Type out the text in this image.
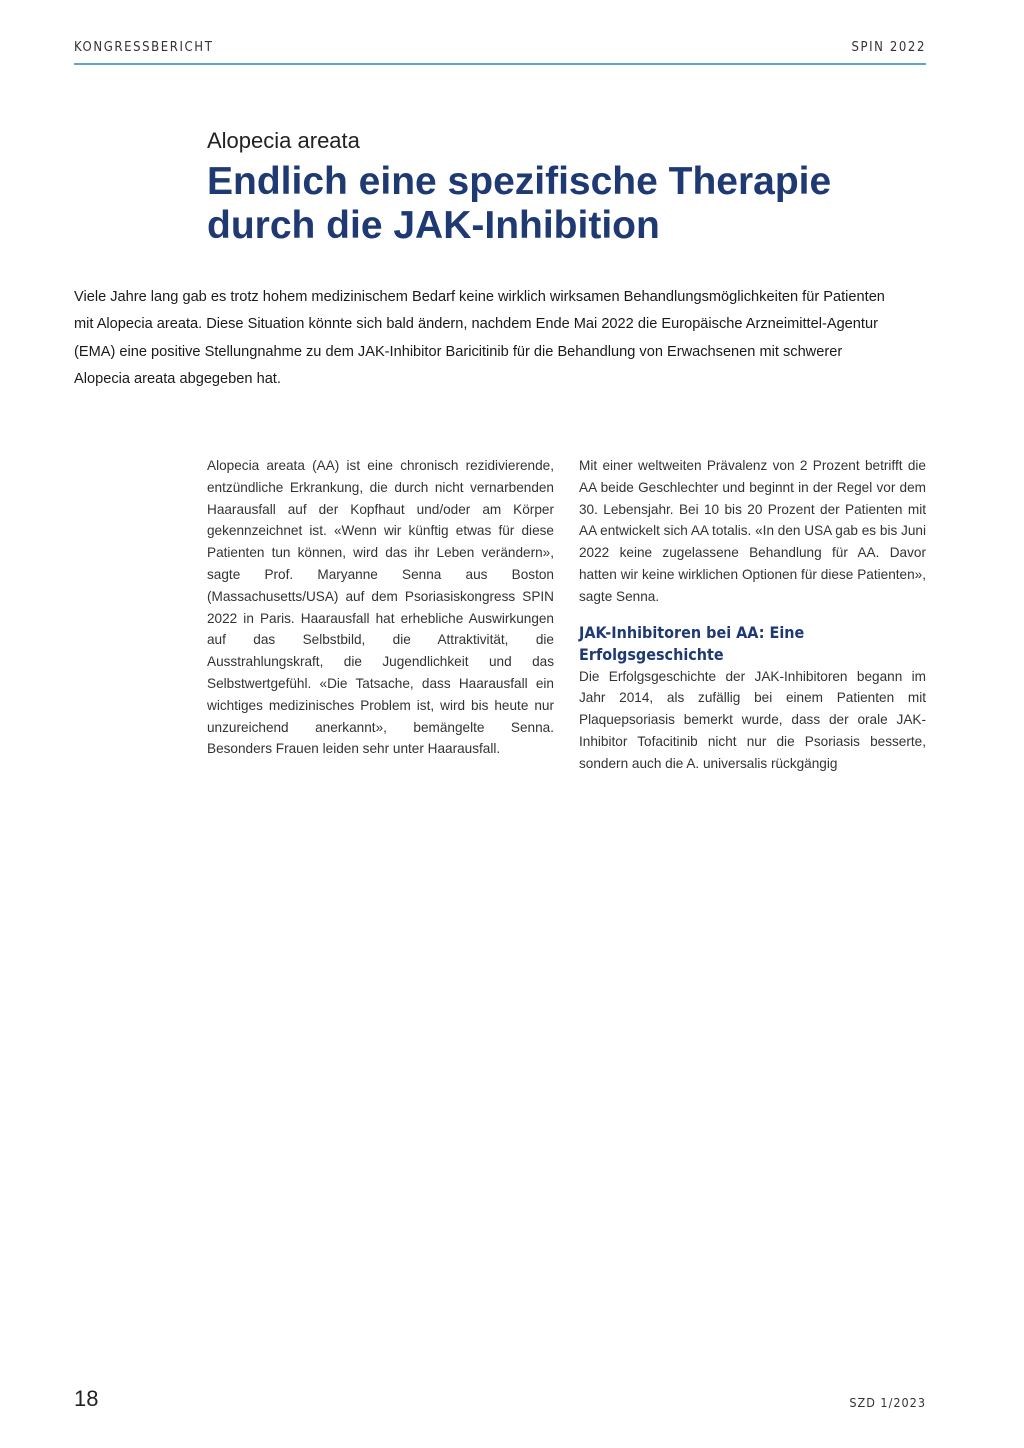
KONGRESSBERICHT	SPIN 2022
Alopecia areata
Endlich eine spezifische Therapie durch die JAK-Inhibition

Viele Jahre lang gab es trotz hohem medizinischem Bedarf keine wirklich wirksamen Behandlungsmöglichkeiten für Patienten mit Alopecia areata. Diese Situation könnte sich bald ändern, nachdem Ende Mai 2022 die Europäische Arzneimittel-Agentur (EMA) eine positive Stellungnahme zu dem JAK-Inhibitor Baricitinib für die Behandlung von Erwachsenen mit schwerer Alopecia areata abgegeben hat.

Alopecia areata (AA) ist eine chronisch rezidivierende, entzündliche Erkrankung, die durch nicht vernarbenden Haarausfall auf der Kopfhaut und/oder am Körper gekennzeichnet ist. «Wenn wir künftig etwas für diese Patienten tun können, wird das ihr Leben verändern», sagte Prof. Maryanne Senna aus Boston (Massachusetts/USA) auf dem Psoriasiskongress SPIN 2022 in Paris. Haarausfall hat erhebliche Auswirkungen auf das Selbstbild, die Attraktivität, die Ausstrahlungskraft, die Jugendlichkeit und das Selbstwertgefühl. «Die Tatsache, dass Haarausfall ein wichtiges medizinisches Problem ist, wird bis heute nur unzureichend anerkannt», bemängelte Senna. Besonders Frauen leiden sehr unter Haarausfall.

Mit einer weltweiten Prävalenz von 2 Prozent betrifft die AA beide Geschlechter und beginnt in der Regel vor dem 30. Lebensjahr. Bei 10 bis 20 Prozent der Patienten mit AA entwickelt sich AA totalis. «In den USA gab es bis Juni 2022 keine zugelassene Behandlung für AA. Davor hatten wir keine wirklichen Optionen für diese Patienten», sagte Senna.

JAK-Inhibitoren bei AA: Eine Erfolgsgeschichte

Die Erfolgsgeschichte der JAK-Inhibitoren begann im Jahr 2014, als zufällig bei einem Patienten mit Plaquepsoriasis bemerkt wurde, dass der orale JAK-Inhibitor Tofacitinib nicht nur die Psoriasis besserte, sondern auch die A. universalis rückgängig

18	SZD 1/2023
